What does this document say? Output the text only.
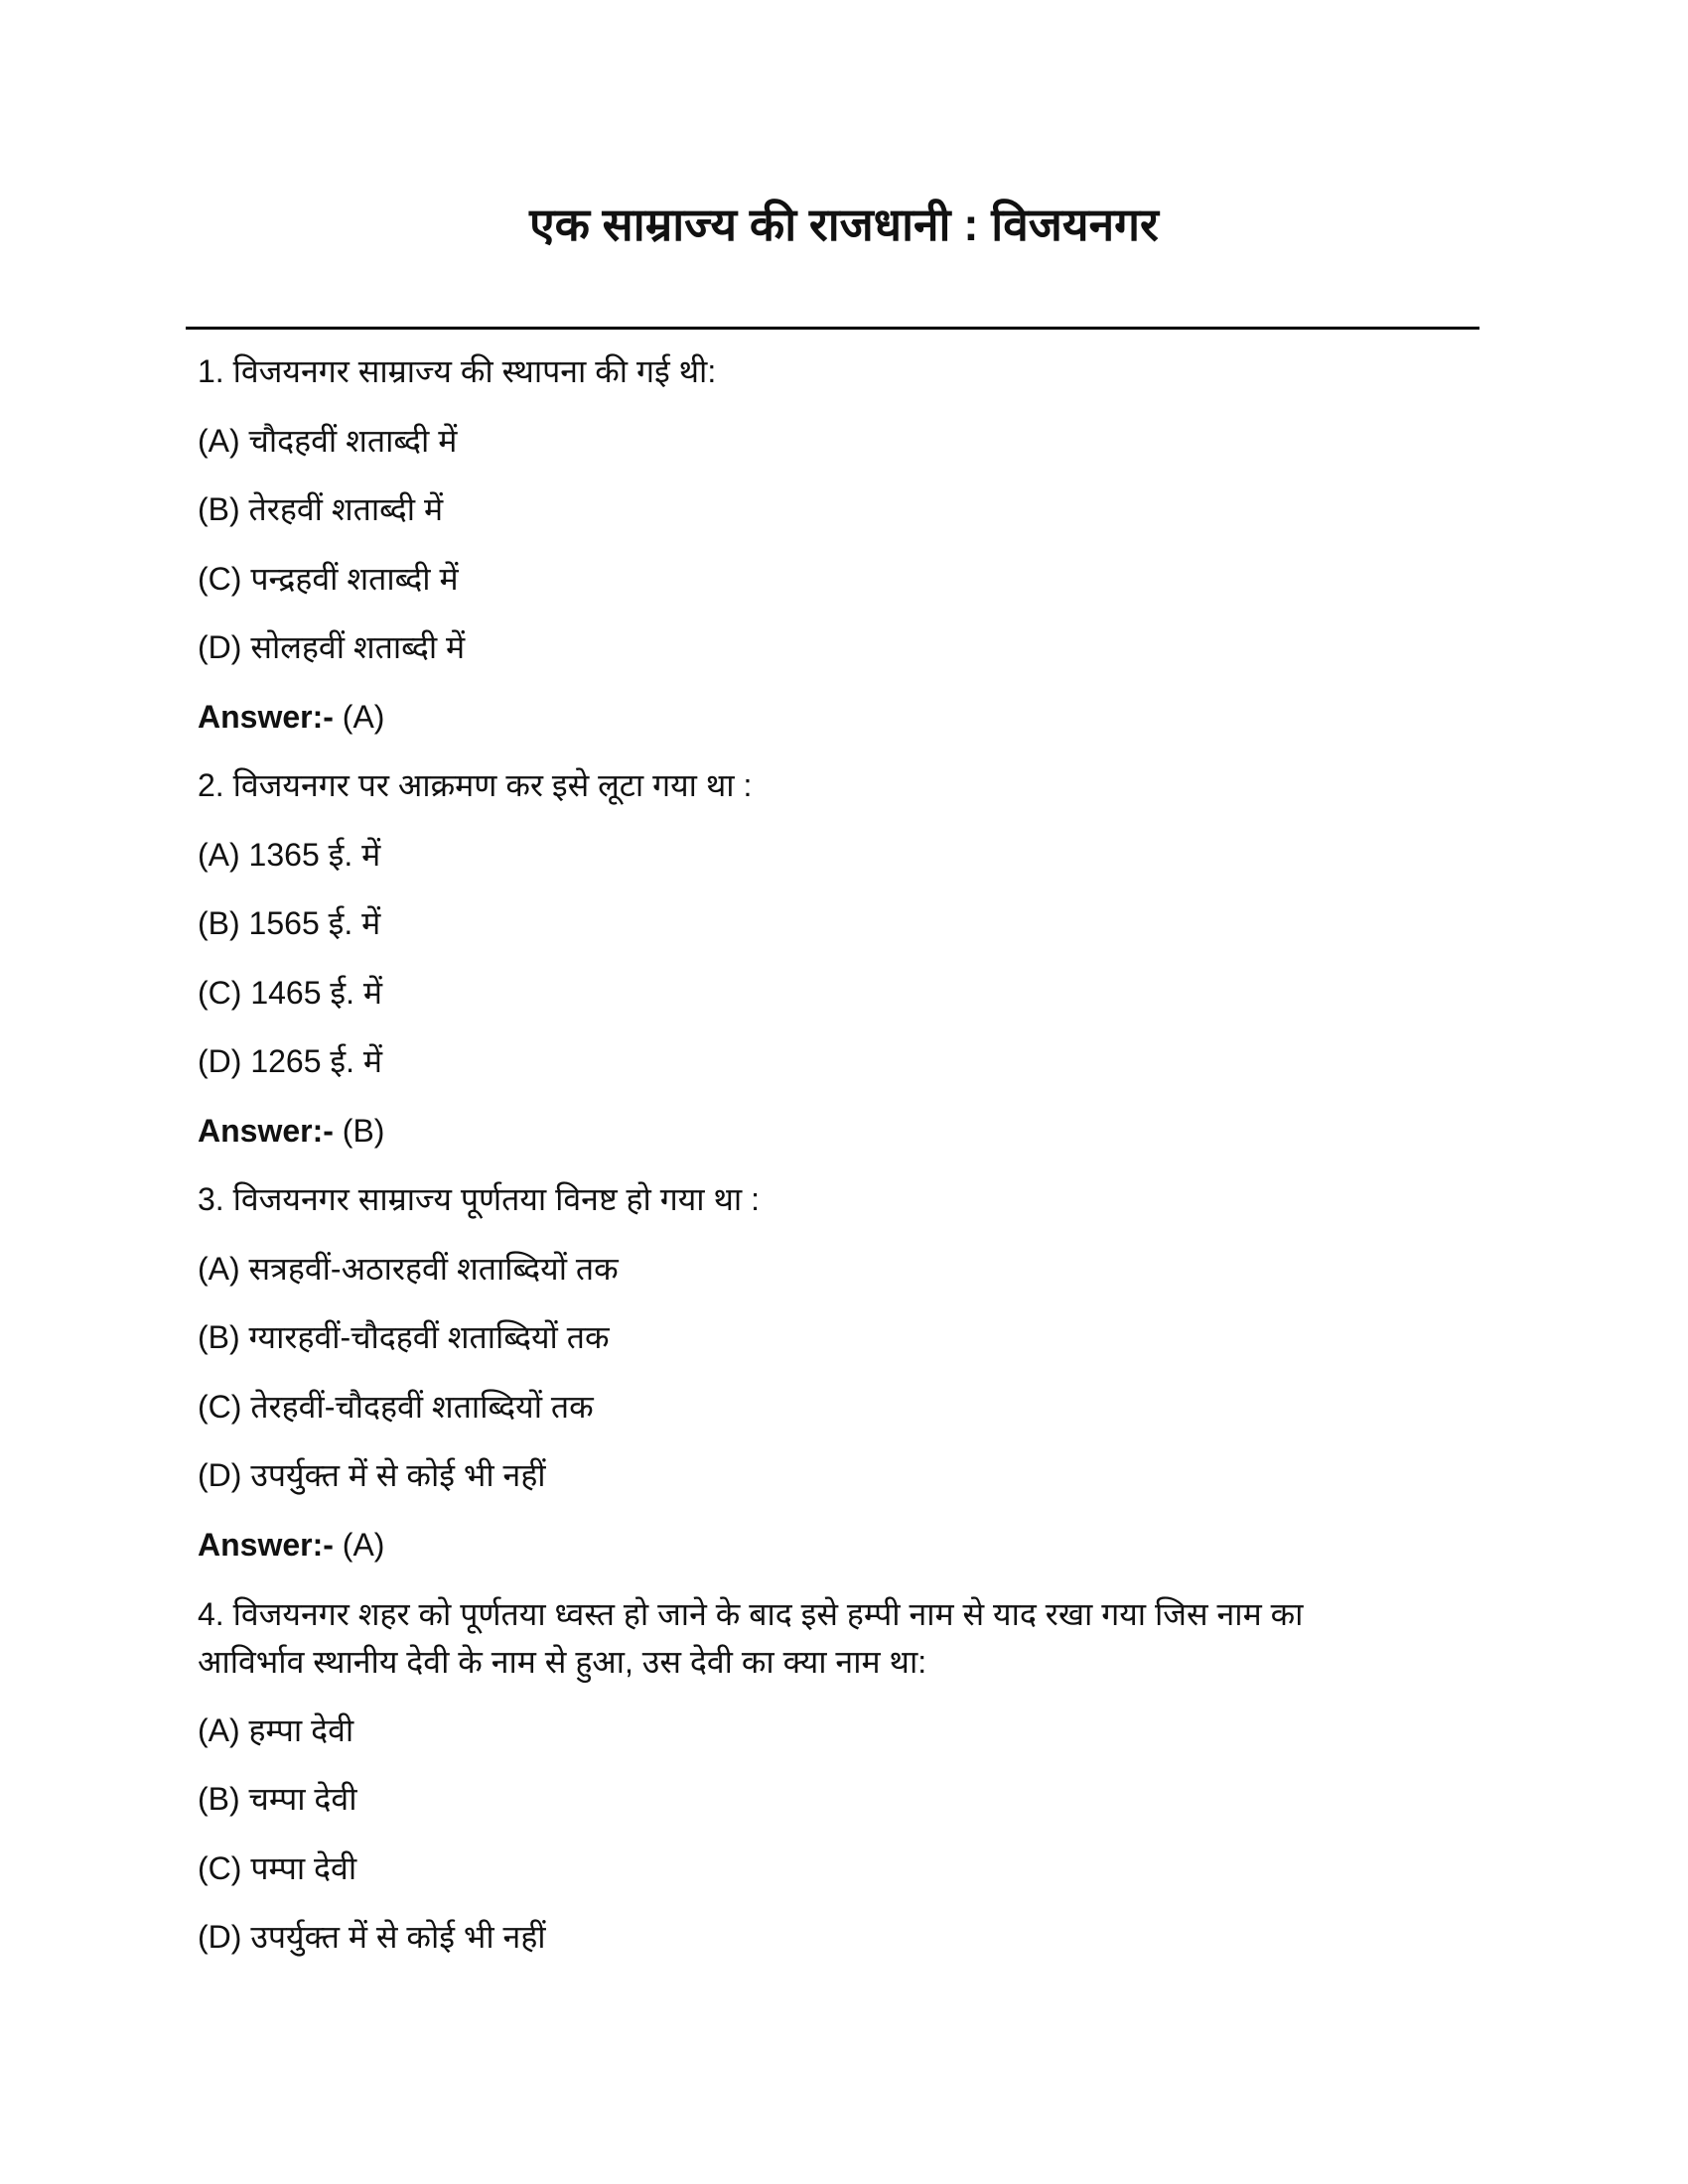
एक साम्राज्य की राजधानी : विजयनगर
1. विजयनगर साम्राज्य की स्थापना की गई थी:
(A) चौदहवीं शताब्दी में
(B) तेरहवीं शताब्दी में
(C) पन्द्रहवीं शताब्दी में
(D) सोलहवीं शताब्दी में
Answer:- (A)
2. विजयनगर पर आक्रमण कर इसे लूटा गया था :
(A) 1365 ई. में
(B) 1565 ई. में
(C) 1465 ई. में
(D) 1265 ई. में
Answer:- (B)
3. विजयनगर साम्राज्य पूर्णतया विनष्ट हो गया था :
(A) सत्रहवीं-अठारहवीं शताब्दियों तक
(B) ग्यारहवीं-चौदहवीं शताब्दियों तक
(C) तेरहवीं-चौदहवीं शताब्दियों तक
(D) उपर्युक्त में से कोई भी नहीं
Answer:- (A)
4. विजयनगर शहर को पूर्णतया ध्वस्त हो जाने के बाद इसे हम्पी नाम से याद रखा गया जिस नाम का
आविर्भाव स्थानीय देवी के नाम से हुआ, उस देवी का क्या नाम था:
(A) हम्पा देवी
(B) चम्पा देवी
(C) पम्पा देवी
(D) उपर्युक्त में से कोई भी नहीं
